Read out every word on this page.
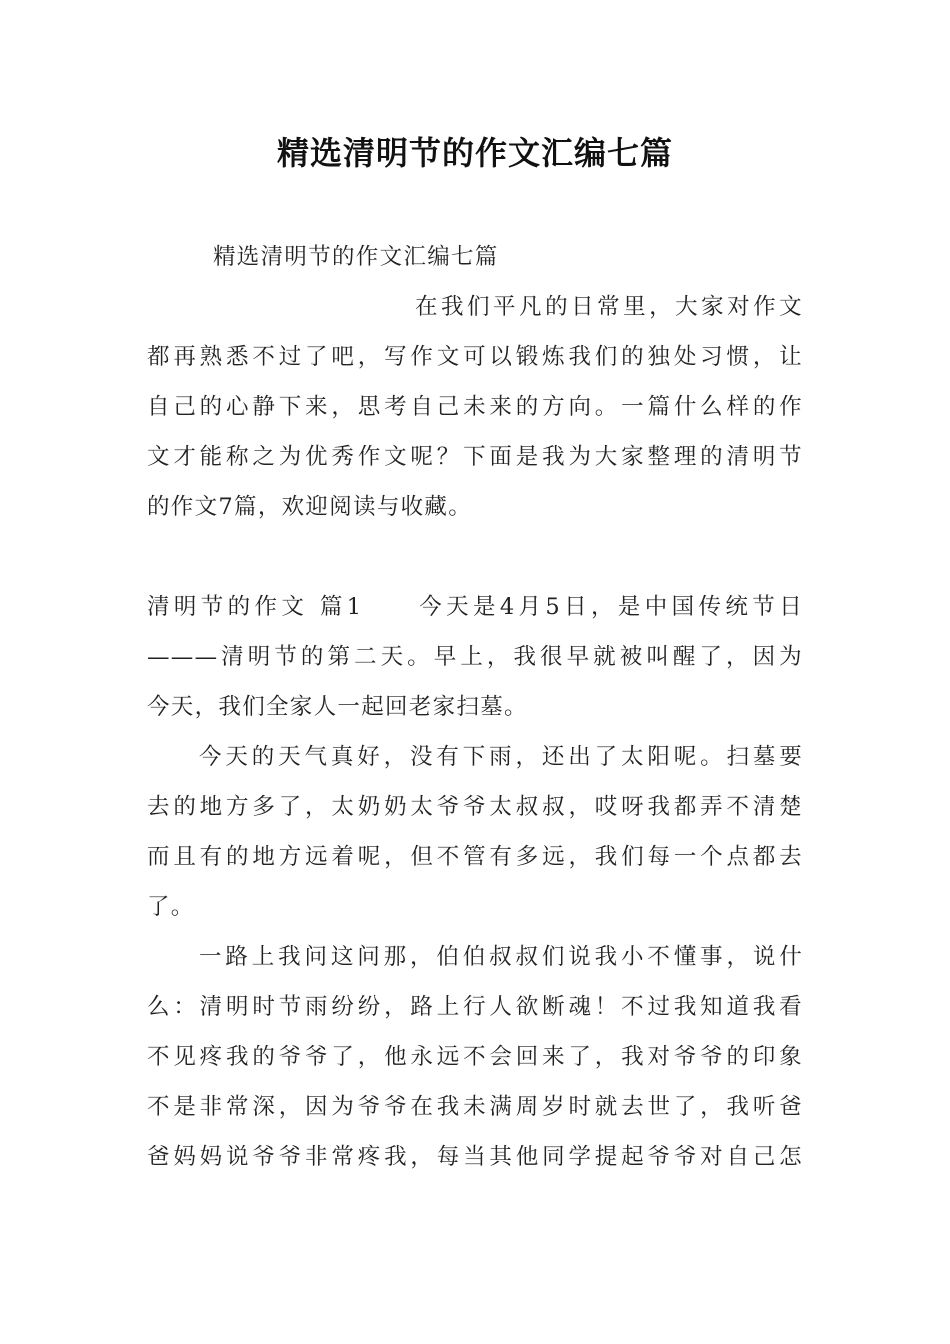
精选清明节的作文汇编七篇
精选清明节的作文汇编七篇
在我们平凡的日常里，大家对作文
都再熟悉不过了吧，写作文可以锻炼我们的独处习惯，让
自己的心静下来，思考自己未来的方向。一篇什么样的作
文才能称之为优秀作文呢？下面是我为大家整理的清明节
的作文7篇，欢迎阅读与收藏。
清明节的作文 篇1　　今天是4月5日，是中国传统节日
———清明节的第二天。早上，我很早就被叫醒了，因为
今天，我们全家人一起回老家扫墓。
今天的天气真好，没有下雨，还出了太阳呢。扫墓要
去的地方多了，太奶奶太爷爷太叔叔，哎呀我都弄不清楚
而且有的地方远着呢，但不管有多远，我们每一个点都去
了。
一路上我问这问那，伯伯叔叔们说我小不懂事，说什
么：清明时节雨纷纷，路上行人欲断魂！不过我知道我看
不见疼我的爷爷了，他永远不会回来了，我对爷爷的印象
不是非常深，因为爷爷在我未满周岁时就去世了，我听爸
爸妈妈说爷爷非常疼我，每当其他同学提起爷爷对自己怎
